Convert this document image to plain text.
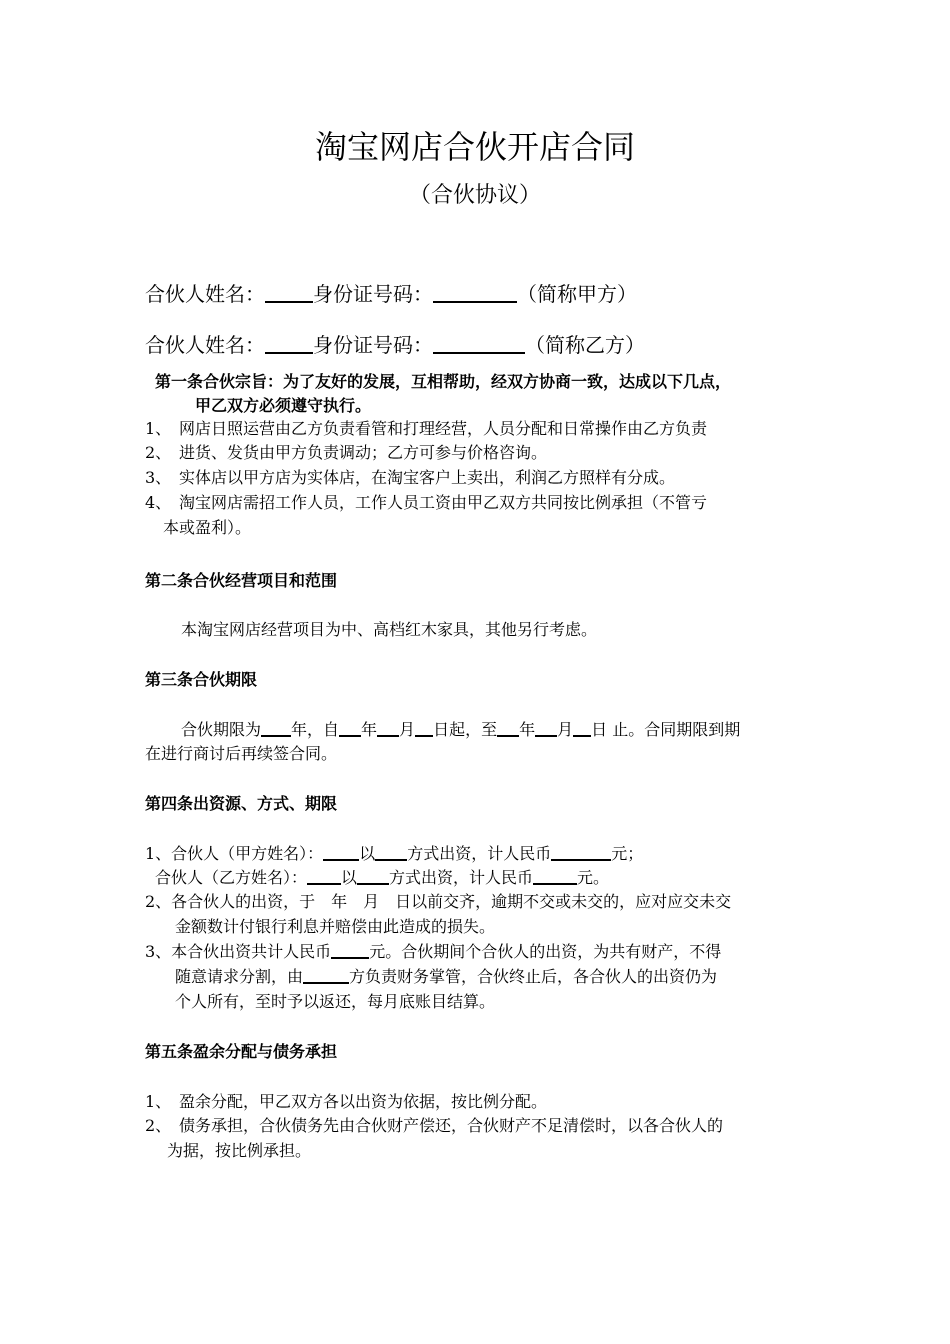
淘宝网店合伙开店合同
（合伙协议）
合伙人姓名： 身份证号码：	（简称甲方）
合伙人姓名： 身份证号码：	（简称乙方）
第一条合伙宗旨：为了友好的发展，互相帮助，经双方协商一致，达成以下几点，
甲乙双方必须遵守执行。
1、 网店日照运营由乙方负责看管和打理经营，人员分配和日常操作由乙方负责
2、 进货、发货由甲方负责调动；乙方可参与价格咨询。
3、 实体店以甲方店为实体店，在淘宝客户上卖出，利润乙方照样有分成。
4、 淘宝网店需招工作人员，工作人员工资由甲乙双方共同按比例承担（不管亏
本或盈利）。
第二条合伙经营项目和范围
本淘宝网店经营项目为中、高档红木家具，其他另行考虑。
第三条合伙期限
合伙期限为 年，自 年 月 日起，至 年 月 日 止。合同期限到期
在进行商讨后再续签合同。
第四条出资源、方式、期限
1、合伙人（甲方姓名）： 以 方式出资，计人民币	元；
合伙人（乙方姓名）： 以 方式出资，计人民币	元。
2、各合伙人的出资，于　年　月　日以前交齐，逾期不交或未交的，应对应交未交
金额数计付银行利息并赔偿由此造成的损失。
3、本合伙出资共计人民币 元。合伙期间个合伙人的出资，为共有财产，不得
随意请求分割，由	方负责财务掌管，合伙终止后，各合伙人的出资仍为
个人所有，至时予以返还，每月底账目结算。
第五条盈余分配与债务承担
1、 盈余分配，甲乙双方各以出资为依据，按比例分配。
2、 债务承担，合伙债务先由合伙财产偿还，合伙财产不足清偿时，以各合伙人的
为据，按比例承担。
